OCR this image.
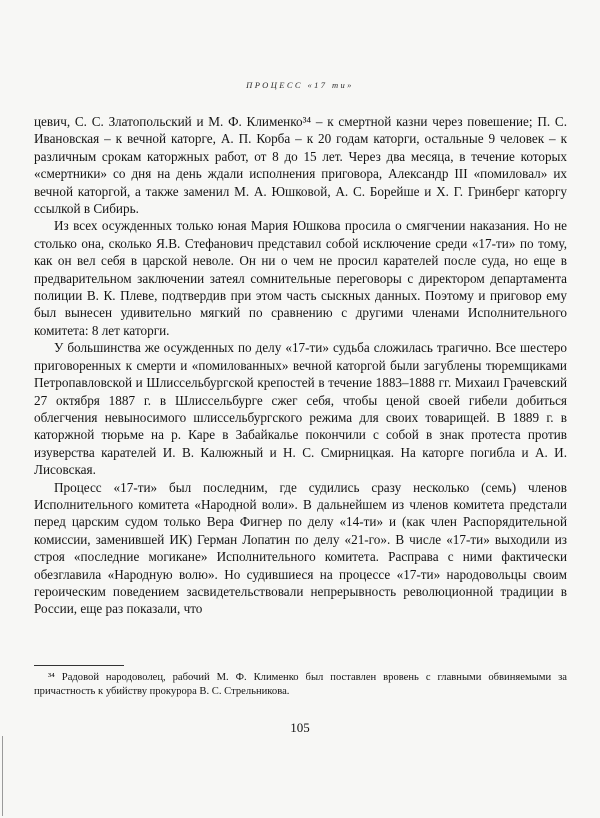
ПРОЦЕСС «17 ти»

цевич, С. С. Златопольский и М. Ф. Клименко³⁴ – к смертной казни через повешение; П. С. Ивановская – к вечной каторге, А. П. Корба – к 20 годам каторги, остальные 9 человек – к различным срокам каторжных работ, от 8 до 15 лет. Через два месяца, в течение которых «смертники» со дня на день ждали исполнения приговора, Александр III «помиловал» их вечной каторгой, а также заменил М. А. Юшковой, А. С. Борейше и Х. Г. Гринберг каторгу ссылкой в Сибирь.

Из всех осужденных только юная Мария Юшкова просила о смягчении наказания. Но не столько она, сколько Я.В. Стефанович представил собой исключение среди «17-ти» по тому, как он вел себя в царской неволе. Он ни о чем не просил карателей после суда, но еще в предварительном заключении затеял сомнительные переговоры с директором департамента полиции В. К. Плеве, подтвердив при этом часть сыскных данных. Поэтому и приговор ему был вынесен удивительно мягкий по сравнению с другими членами Исполнительного комитета: 8 лет каторги.

У большинства же осужденных по делу «17-ти» судьба сложилась трагично. Все шестеро приговоренных к смерти и «помилованных» вечной каторгой были загублены тюремщиками Петропавловской и Шлиссельбургской крепостей в течение 1883–1888 гг. Михаил Грачевский 27 октября 1887 г. в Шлиссельбурге сжег себя, чтобы ценой своей гибели добиться облегчения невыносимого шлиссельбургского режима для своих товарищей. В 1889 г. в каторжной тюрьме на р. Каре в Забайкалье покончили с собой в знак протеста против изуверства карателей И. В. Калюжный и Н. С. Смирницкая. На каторге погибла и А. И. Лисовская.

Процесс «17-ти» был последним, где судились сразу несколько (семь) членов Исполнительного комитета «Народной воли». В дальнейшем из членов комитета предстали перед царским судом только Вера Фигнер по делу «14-ти» и (как член Распорядительной комиссии, заменившей ИК) Герман Лопатин по делу «21-го». В числе «17-ти» выходили из строя «последние могикане» Исполнительного комитета. Расправа с ними фактически обезглавила «Народную волю». Но судившиеся на процессе «17-ти» народовольцы своим героическим поведением засвидетельствовали непрерывность революционной традиции в России, еще раз показали, что

³⁴ Радовой народоволец, рабочий М. Ф. Клименко был поставлен вровень с главными обвиняемыми за причастность к убийству прокурора В. С. Стрельникова.

105
